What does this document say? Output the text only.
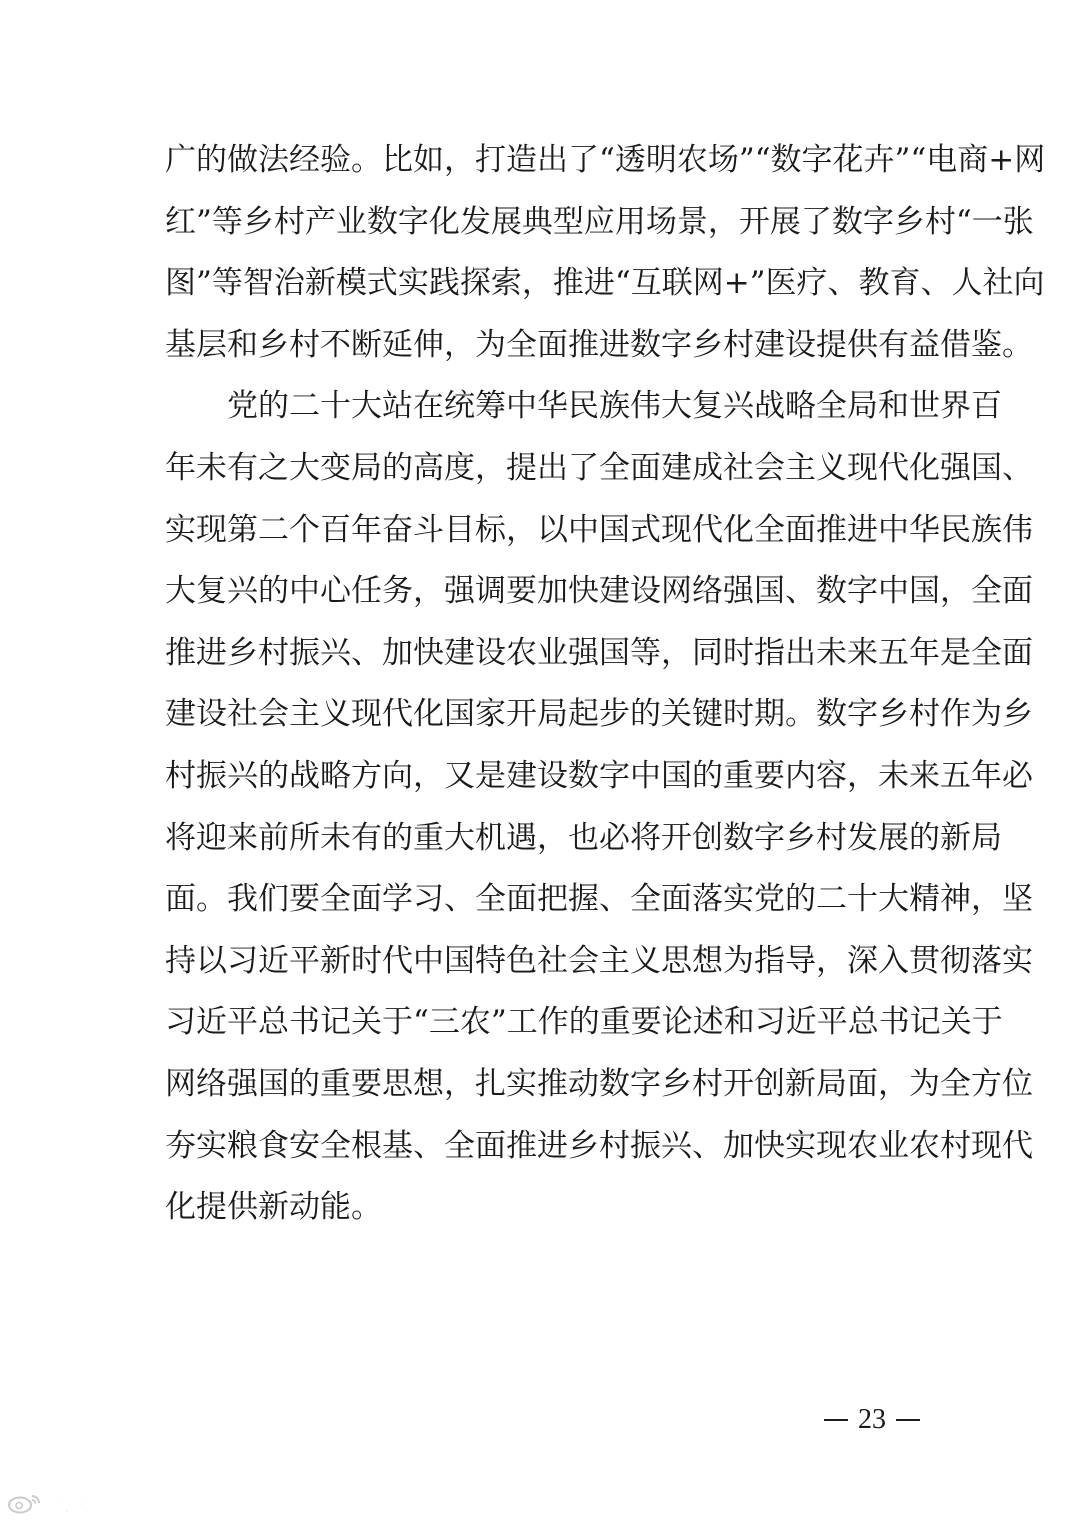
广的做法经验。比如，打造出了“透明农场”“数字花卉”“电商+网
红”等乡村产业数字化发展典型应用场景，开展了数字乡村“一张
图”等智治新模式实践探索，推进“互联网+”医疗、教育、人社向
基层和乡村不断延伸，为全面推进数字乡村建设提供有益借鉴。
党的二十大站在统筹中华民族伟大复兴战略全局和世界百
年未有之大变局的高度，提出了全面建成社会主义现代化强国、
实现第二个百年奋斗目标，以中国式现代化全面推进中华民族伟
大复兴的中心任务，强调要加快建设网络强国、数字中国，全面
推进乡村振兴、加快建设农业强国等，同时指出未来五年是全面
建设社会主义现代化国家开局起步的关键时期。数字乡村作为乡
村振兴的战略方向，又是建设数字中国的重要内容，未来五年必
将迎来前所未有的重大机遇，也必将开创数字乡村发展的新局
面。我们要全面学习、全面把握、全面落实党的二十大精神，坚
持以习近平新时代中国特色社会主义思想为指导，深入贯彻落实
习近平总书记关于“三农”工作的重要论述和习近平总书记关于
网络强国的重要思想，扎实推动数字乡村开创新局面，为全方位
夯实粮食安全根基、全面推进乡村振兴、加快实现农业农村现代
化提供新动能。
23
大数跨境
